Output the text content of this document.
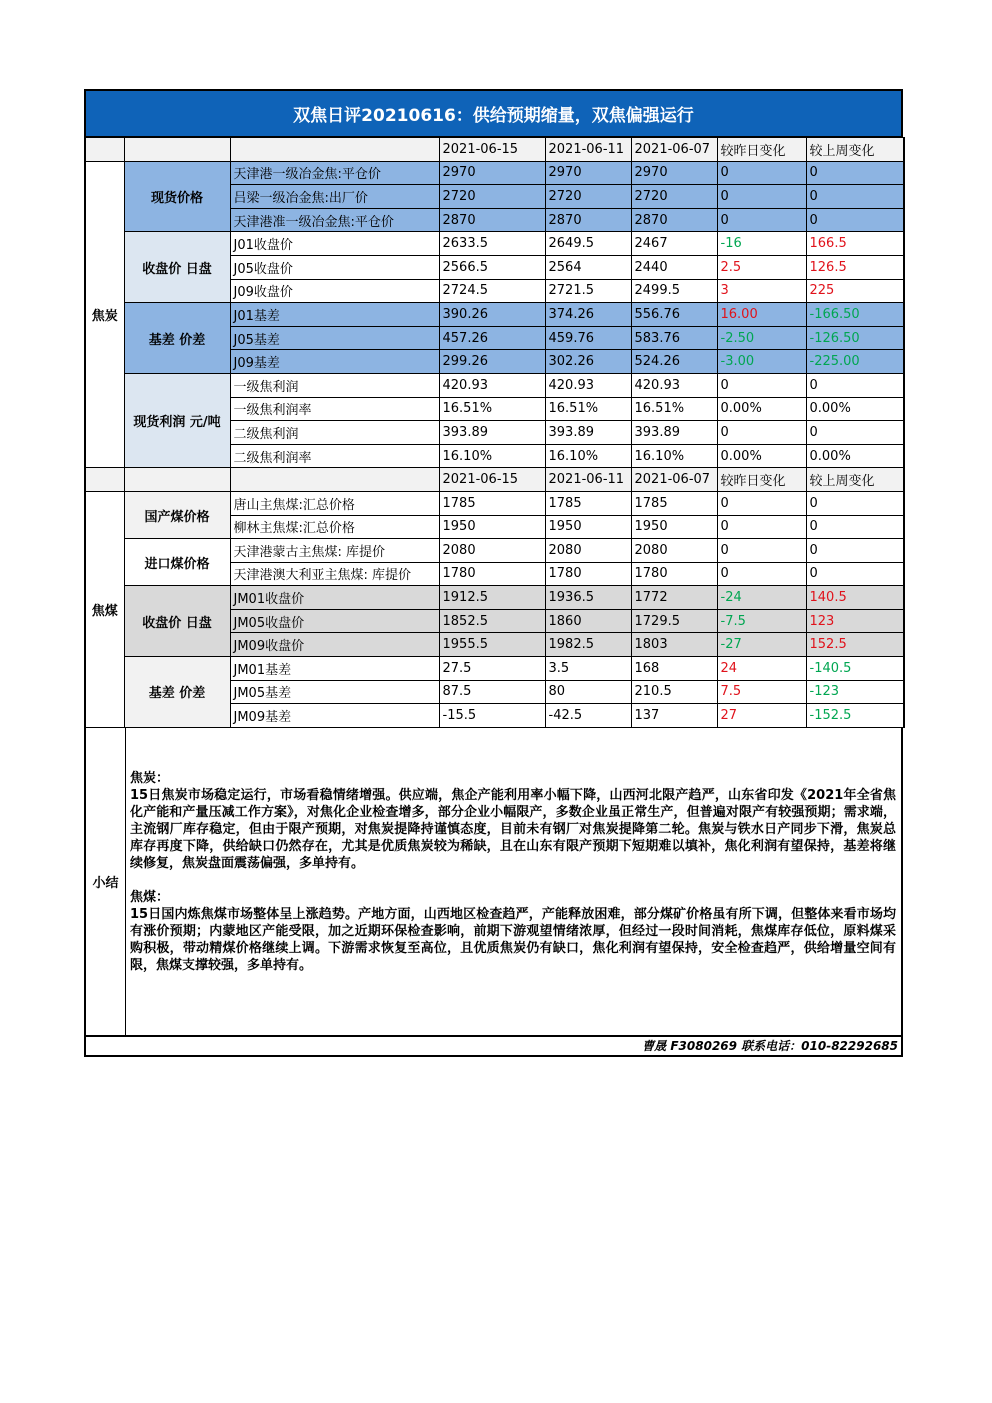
双焦日评20210616：供给预期缩量，双焦偏强运行
			2021-06-15	2021-06-11	2021-06-07	较昨日变化	较上周变化
焦炭	现货价格	天津港一级冶金焦:平仓价	2970	2970	2970	0	0
		吕梁一级冶金焦:出厂价	2720	2720	2720	0	0
		天津港准一级冶金焦:平仓价	2870	2870	2870	0	0
	收盘价 日盘	J01收盘价	2633.5	2649.5	2467	-16	166.5
		J05收盘价	2566.5	2564	2440	2.5	126.5
		J09收盘价	2724.5	2721.5	2499.5	3	225
	基差 价差	J01基差	390.26	374.26	556.76	16.00	-166.50
		J05基差	457.26	459.76	583.76	-2.50	-126.50
		J09基差	299.26	302.26	524.26	-3.00	-225.00
	现货利润 元/吨	一级焦利润	420.93	420.93	420.93	0	0
		一级焦利润率	16.51%	16.51%	16.51%	0.00%	0.00%
		二级焦利润	393.89	393.89	393.89	0	0
		二级焦利润率	16.10%	16.10%	16.10%	0.00%	0.00%
			2021-06-15	2021-06-11	2021-06-07	较昨日变化	较上周变化
焦煤	国产煤价格	唐山主焦煤:汇总价格	1785	1785	1785	0	0
		柳林主焦煤:汇总价格	1950	1950	1950	0	0
	进口煤价格	天津港蒙古主焦煤: 库提价	2080	2080	2080	0	0
		天津港澳大利亚主焦煤: 库提价	1780	1780	1780	0	0
	收盘价 日盘	JM01收盘价	1912.5	1936.5	1772	-24	140.5
		JM05收盘价	1852.5	1860	1729.5	-7.5	123
		JM09收盘价	1955.5	1982.5	1803	-27	152.5
	基差 价差	JM01基差	27.5	3.5	168	24	-140.5
		JM05基差	87.5	80	210.5	7.5	-123
		JM09基差	-15.5	-42.5	137	27	-152.5
小结

焦炭：

15日焦炭市场稳定运行，市场看稳情绪增强。供应端，焦企产能利用率小幅下降，山西河北限产趋严，山东省印发《2021年全省焦化产能和产量压减工作方案》，对焦化企业检查增多，部分企业小幅限产，多数企业虽正常生产，但普遍对限产有较强预期；需求端，主流钢厂库存稳定，但由于限产预期，对焦炭提降持谨慎态度，目前未有钢厂对焦炭提降第二轮。焦炭与铁水日产同步下滑，焦炭总库存再度下降，供给缺口仍然存在，尤其是优质焦炭较为稀缺，且在山东有限产预期下短期难以填补，焦化利润有望保持，基差将继续修复，焦炭盘面震荡偏强，多单持有。

焦煤：

15日国内炼焦煤市场整体呈上涨趋势。产地方面，山西地区检查趋严，产能释放困难，部分煤矿价格虽有所下调，但整体来看市场均有涨价预期；内蒙地区产能受限，加之近期环保检查影响，前期下游观望情绪浓厚，但经过一段时间消耗，焦煤库存低位，原料煤采购积极，带动精煤价格继续上调。下游需求恢复至高位，且优质焦炭仍有缺口，焦化利润有望保持，安全检查趋严，供给增量空间有限，焦煤支撑较强，多单持有。

曹晟 F3080269 联系电话：010-82292685
